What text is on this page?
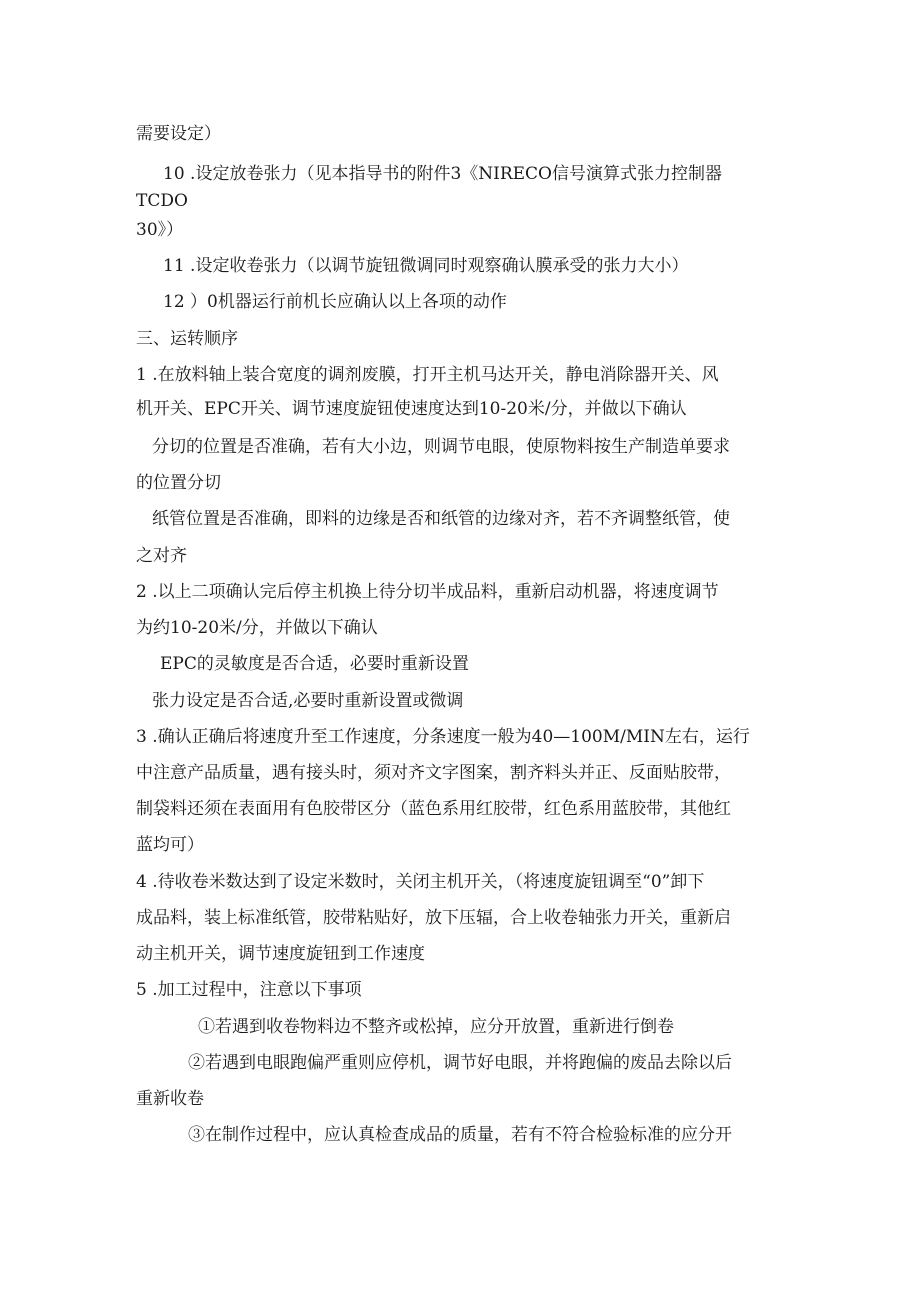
需要设定）
10 .设定放卷张力（见本指导书的附件3《NIRECO信号演算式张力控制器
TCDO
30》）
11 .设定收卷张力（以调节旋钮微调同时观察确认膜承受的张力大小）
12 ）0机器运行前机长应确认以上各项的动作
三、运转顺序
1 .在放料轴上装合宽度的调剂废膜，打开主机马达开关，静电消除器开关、风
机开关、EPC开关、调节速度旋钮使速度达到10-20米/分，并做以下确认
分切的位置是否准确，若有大小边，则调节电眼，使原物料按生产制造单要求
的位置分切
纸管位置是否准确，即料的边缘是否和纸管的边缘对齐，若不齐调整纸管，使
之对齐
2 .以上二项确认完后停主机换上待分切半成品料，重新启动机器，将速度调节
为约10-20米/分，并做以下确认
EPC的灵敏度是否合适，必要时重新设置
张力设定是否合适,必要时重新设置或微调
3 .确认正确后将速度升至工作速度，分条速度一般为40—100M/MIN左右，运行
中注意产品质量，遇有接头时，须对齐文字图案，割齐料头并正、反面贴胶带，
制袋料还须在表面用有色胶带区分（蓝色系用红胶带，红色系用蓝胶带，其他红
蓝均可）
4 .待收卷米数达到了设定米数时，关闭主机开关，（将速度旋钮调至“0”卸下
成品料，装上标准纸管，胶带粘贴好，放下压辐，合上收卷轴张力开关，重新启
动主机开关，调节速度旋钮到工作速度
5 .加工过程中，注意以下事项
①若遇到收卷物料边不整齐或松掉，应分开放置，重新进行倒卷
②若遇到电眼跑偏严重则应停机，调节好电眼，并将跑偏的废品去除以后
重新收卷
③在制作过程中，应认真检查成品的质量，若有不符合检验标准的应分开
